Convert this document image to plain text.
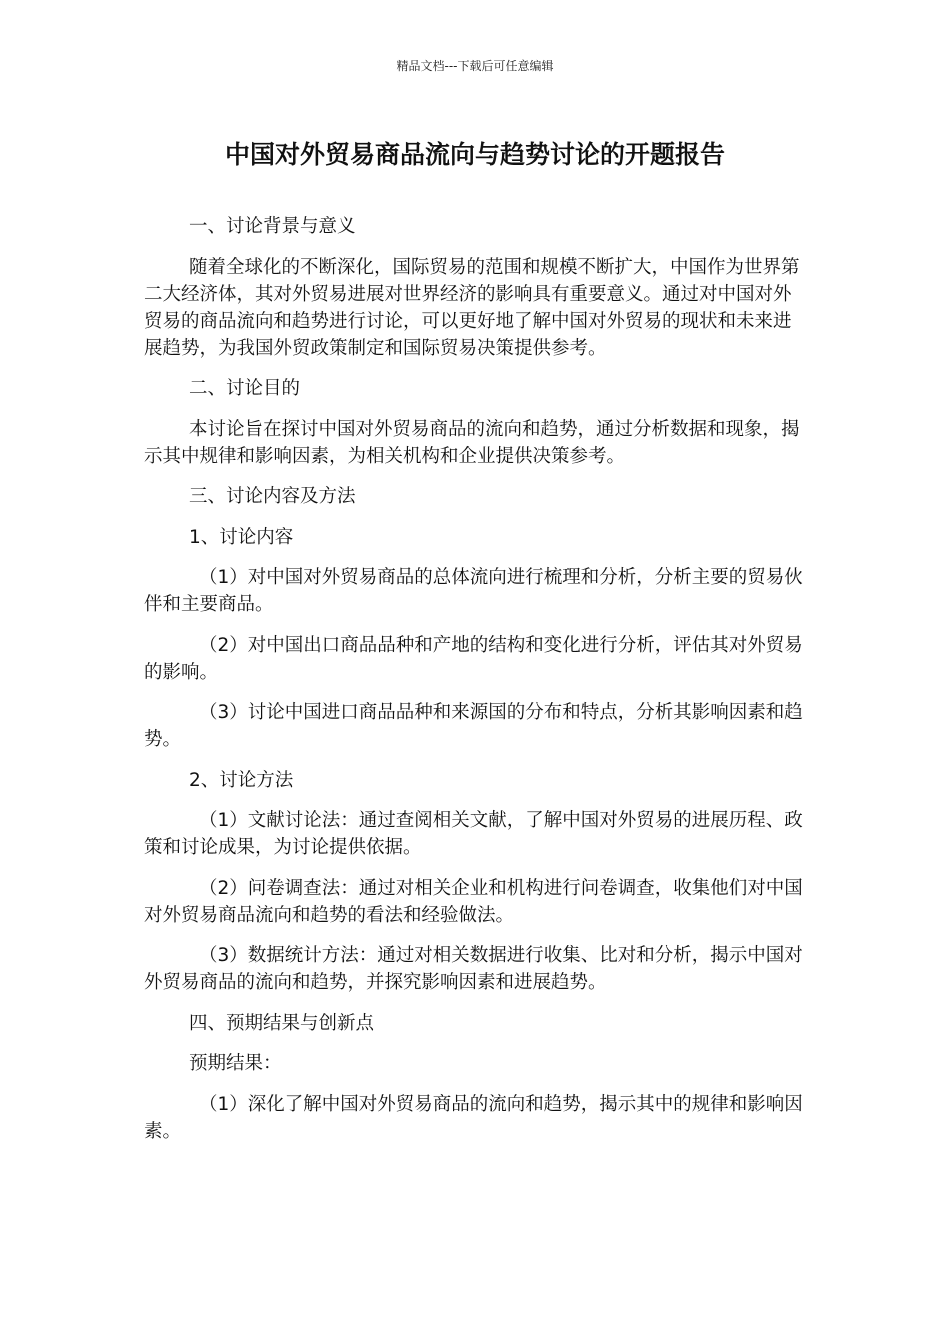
精品文档---下载后可任意编辑
中国对外贸易商品流向与趋势讨论的开题报告

一、讨论背景与意义

随着全球化的不断深化，国际贸易的范围和规模不断扩大，中国作为世界第二大经济体，其对外贸易进展对世界经济的影响具有重要意义。通过对中国对外贸易的商品流向和趋势进行讨论，可以更好地了解中国对外贸易的现状和未来进展趋势，为我国外贸政策制定和国际贸易决策提供参考。

二、讨论目的

本讨论旨在探讨中国对外贸易商品的流向和趋势，通过分析数据和现象，揭示其中规律和影响因素，为相关机构和企业提供决策参考。

三、讨论内容及方法

1、讨论内容

（1）对中国对外贸易商品的总体流向进行梳理和分析，分析主要的贸易伙伴和主要商品。

（2）对中国出口商品品种和产地的结构和变化进行分析，评估其对外贸易的影响。

（3）讨论中国进口商品品种和来源国的分布和特点，分析其影响因素和趋势。

2、讨论方法

（1）文献讨论法：通过查阅相关文献，了解中国对外贸易的进展历程、政策和讨论成果，为讨论提供依据。

（2）问卷调查法：通过对相关企业和机构进行问卷调查，收集他们对中国对外贸易商品流向和趋势的看法和经验做法。

（3）数据统计方法：通过对相关数据进行收集、比对和分析，揭示中国对外贸易商品的流向和趋势，并探究影响因素和进展趋势。

四、预期结果与创新点

预期结果：

（1）深化了解中国对外贸易商品的流向和趋势，揭示其中的规律和影响因素。
